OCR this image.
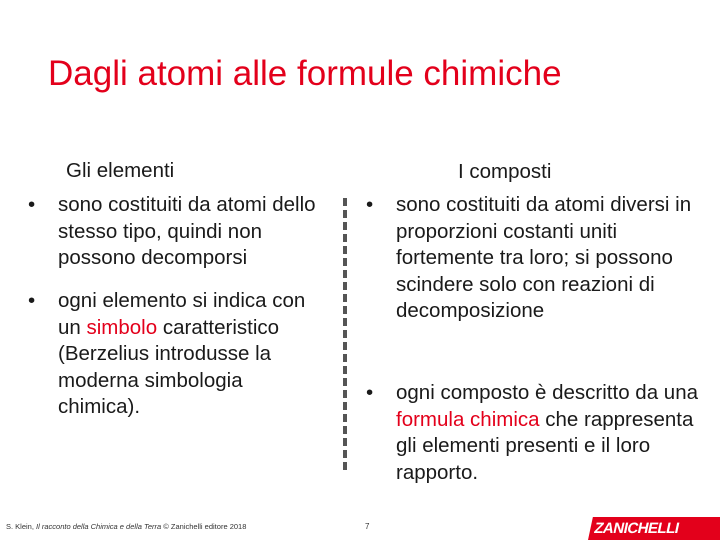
Dagli atomi alle formule chimiche
Gli elementi
•	sono costituiti da atomi dello stesso tipo, quindi non possono decomporsi
•	ogni elemento si indica con un simbolo caratteristico (Berzelius introdusse la moderna simbologia chimica).
I composti
•	sono costituiti da atomi diversi in proporzioni costanti uniti fortemente tra loro; si possono scindere solo con reazioni di decomposizione
•	ogni composto è descritto da una formula chimica che rappresenta gli elementi presenti e il loro rapporto.
S. Klein, Il racconto della Chimica e della Terra © Zanichelli editore 2018	7	ZANICHELLI
